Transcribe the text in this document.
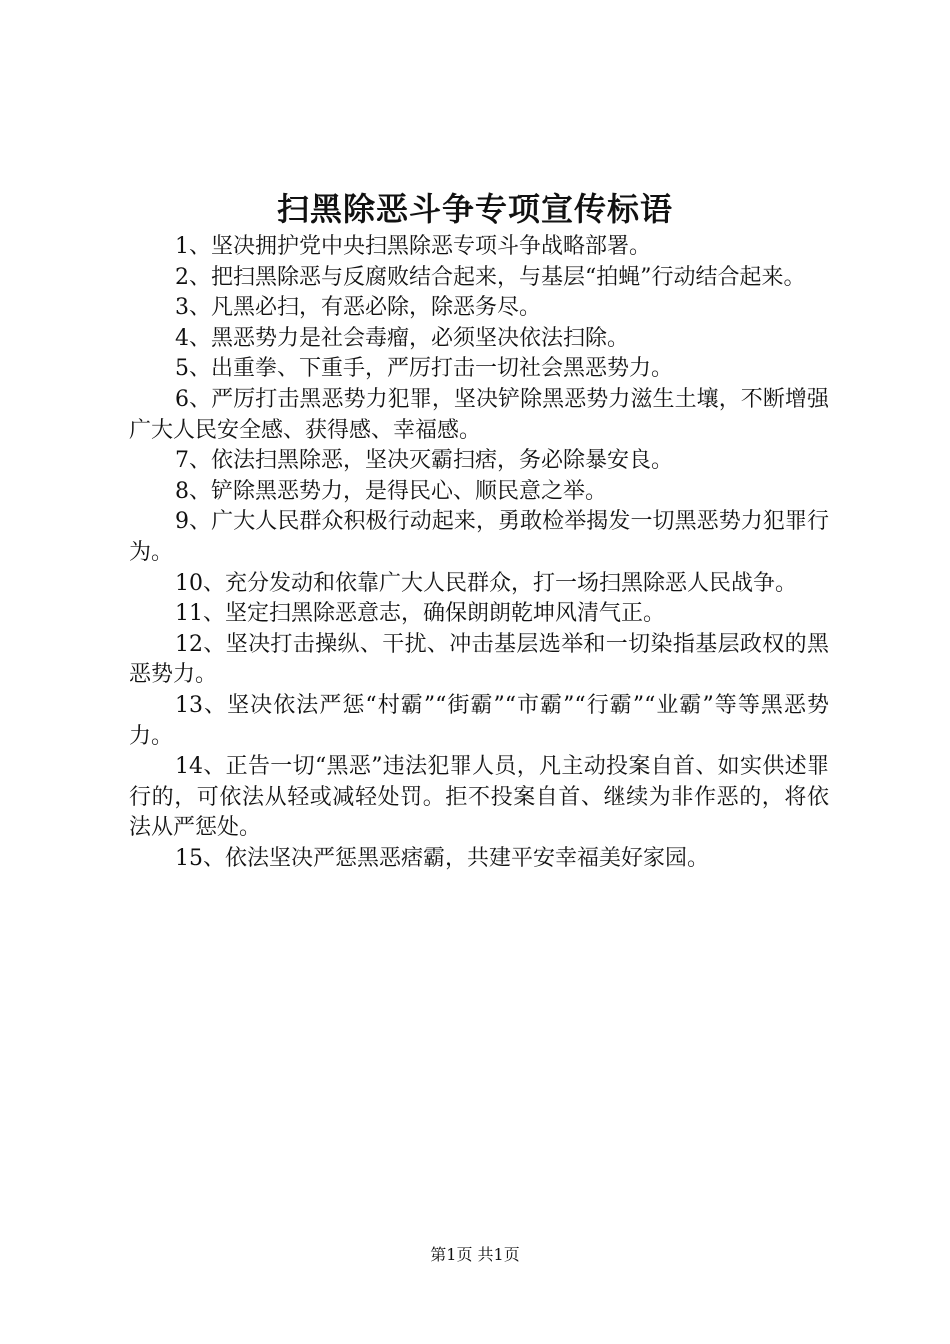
扫黑除恶斗争专项宣传标语

1、坚决拥护党中央扫黑除恶专项斗争战略部署。

2、把扫黑除恶与反腐败结合起来，与基层“拍蝇”行动结合起来。

3、凡黑必扫，有恶必除，除恶务尽。

4、黑恶势力是社会毒瘤，必须坚决依法扫除。

5、出重拳、下重手，严厉打击一切社会黑恶势力。

6、严厉打击黑恶势力犯罪，坚决铲除黑恶势力滋生土壤，不断增强广大人民安全感、获得感、幸福感。

7、依法扫黑除恶，坚决灭霸扫痞，务必除暴安良。

8、铲除黑恶势力，是得民心、顺民意之举。

9、广大人民群众积极行动起来，勇敢检举揭发一切黑恶势力犯罪行为。

10、充分发动和依靠广大人民群众，打一场扫黑除恶人民战争。

11、坚定扫黑除恶意志，确保朗朗乾坤风清气正。

12、坚决打击操纵、干扰、冲击基层选举和一切染指基层政权的黑恶势力。

13、坚决依法严惩“村霸”“街霸”“市霸”“行霸”“业霸”等等黑恶势力。

14、正告一切“黑恶”违法犯罪人员，凡主动投案自首、如实供述罪行的，可依法从轻或减轻处罚。拒不投案自首、继续为非作恶的，将依法从严惩处。

15、依法坚决严惩黑恶痞霸，共建平安幸福美好家园。

第1页 共1页
